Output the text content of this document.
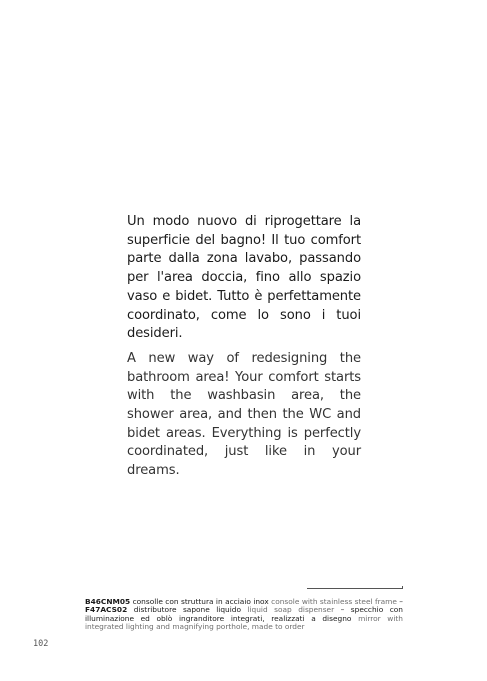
Un modo nuovo di riprogettare la superficie del bagno! Il tuo comfort parte dalla zona lavabo, passando per l'area doccia, fino allo spazio vaso e bidet. Tutto è perfettamente coordinato, come lo sono i tuoi desideri.

A new way of redesigning the bathroom area! Your comfort starts with the washbasin area, the shower area, and then the WC and bidet areas. Everything is perfectly coordinated, just like in your dreams.

B46CNM05 consolle con struttura in acciaio inox console with stainless steel frame – F47ACS02 distributore sapone liquido liquid soap dispenser – specchio con illuminazione ed oblò ingranditore integrati, realizzati a disegno mirror with integrated lighting and magnifying porthole, made to order

102
